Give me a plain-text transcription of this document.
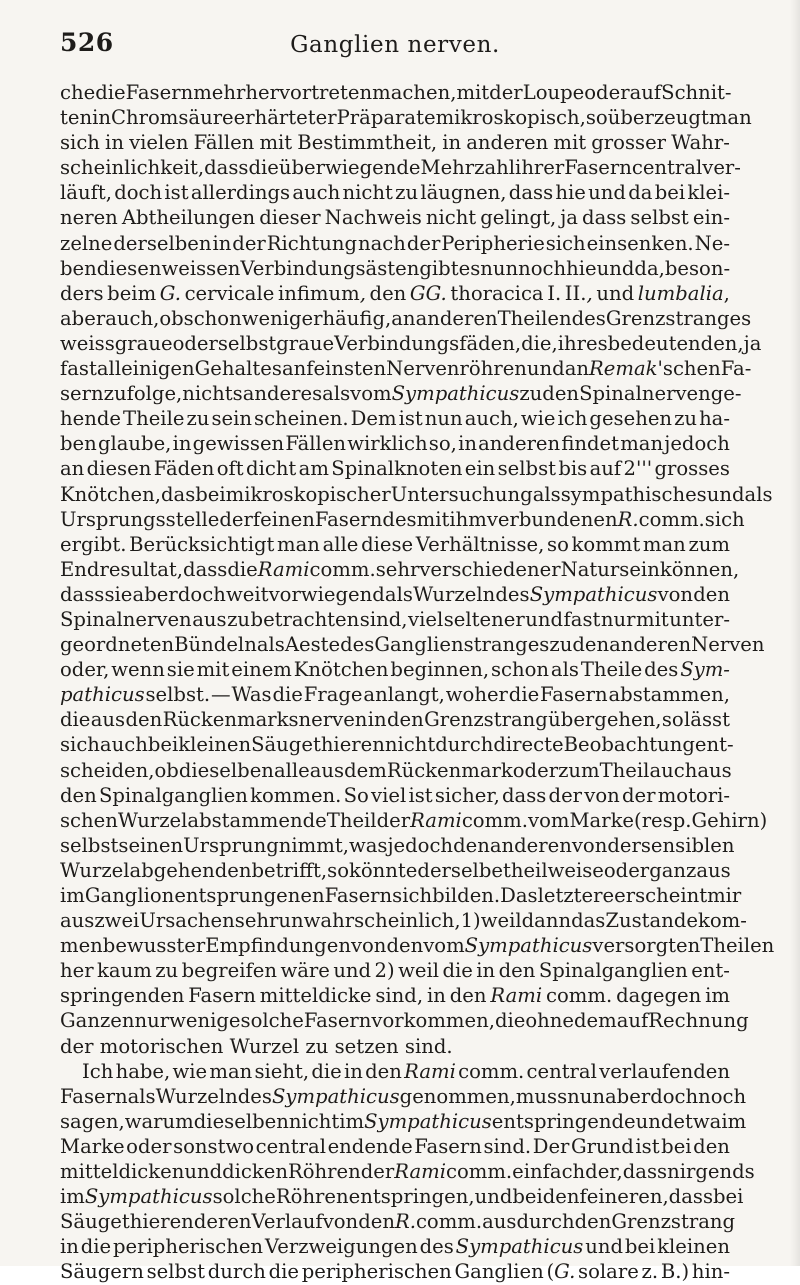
526	Ganglien nerven.
che die Fasern mehr hervortreten machen, mit der Loupe oder auf Schnit-
ten in Chromsäure erhärteter Präparate mikroskopisch, so überzeugt man
sich in vielen Fällen mit Bestimmtheit, in anderen mit grosser Wahr-
scheinlichkeit, dass die überwiegende Mehrzahl ihrer Fasern central ver-
läuft, doch ist allerdings auch nicht zu läugnen, dass hie und da bei klei-
neren Abtheilungen dieser Nachweis nicht gelingt, ja dass selbst ein-
zelne derselben in der Richtung nach der Peripherie sich einsenken. Ne-
ben diesen weissen Verbindungsästen gibt es nun noch hie und da, beson-
ders beim G. cervicale infimum, den GG. thoracica I. II., und lumbalia,
aber auch, obschon weniger häufig, an anderen Theilen des Grenzstranges
weissgraue oder selbst graue Verbindungsfäden, die, ihres bedeutenden, ja
fast alleinigen Gehaltes an feinsten Nervenröhren und an Remak'schen Fa-
sern zufolge, nichts anderes als vom Sympathicus zu den Spinalnerven ge-
hende Theile zu sein scheinen. Dem ist nun auch, wie ich gesehen zu ha-
ben glaube, in gewissen Fällen wirklich so, in anderen findet man jedoch
an diesen Fäden oft dicht am Spinalknoten ein selbst bis auf 2''' grosses
Knötchen, das bei mikroskopischer Untersuchung als sympathisches und als
Ursprungsstelle der feinen Fasern des mit ihm verbundenen R. comm. sich
ergibt. Berücksichtigt man alle diese Verhältnisse, so kommt man zum
Endresultat, dass die Rami comm. sehr verschiedener Natur sein können,
dass sie aber doch weit vorwiegend als Wurzeln des Sympathicus von den
Spinalnerven aus zu betrachten sind, viel seltener und fast nur mit unter-
geordneten Bündeln als Aeste des Ganglienstranges zu den anderen Nerven
oder, wenn sie mit einem Knötchen beginnen, schon als Theile des Sym-
pathicus selbst. — Was die Frage anlangt, woher die Fasern abstammen,
die aus den Rückenmarksnerven in den Grenzstrang übergehen, so lässt
sich auch bei kleinen Säugethieren nicht durch directe Beobachtung ent-
scheiden, ob dieselben alle aus dem Rückenmark oder zum Theil auch aus
den Spinalganglien kommen. So viel ist sicher, dass der von der motori-
schen Wurzel abstammende Theil der Rami comm. vom Marke (resp. Gehirn)
selbst seinen Ursprung nimmt, was jedoch den anderen von der sensiblen
Wurzel abgehenden betrifft, so könnte derselbe theilweise oder ganz aus
im Ganglion entsprungenen Fasern sich bilden. Das letztere erscheint mir
aus zwei Ursachen sehr unwahrscheinlich, 1) weil dann das Zustandekom-
men bewusster Empfindungen von den vom Sympathicus versorgten Theilen
her kaum zu begreifen wäre und 2) weil die in den Spinalganglien ent-
springenden Fasern mitteldicke sind, in den Rami comm. dagegen im
Ganzen nur wenige solche Fasern vorkommen, die ohnedem auf Rechnung
der motorischen Wurzel zu setzen sind.
Ich habe, wie man sieht, die in den Rami comm. central verlaufenden
Fasern als Wurzeln des Sympathicus genommen, muss nun aber doch noch
sagen, warum dieselben nicht im Sympathicus entspringende und etwa im
Marke oder sonstwo central endende Fasern sind. Der Grund ist bei den
mitteldicken und dicken Röhren der Rami comm. einfach der, dass nirgends
im Sympathicus solche Röhren entspringen, und bei den feineren, dass bei
Säugethieren deren Verlauf von den R. comm. aus durch den Grenzstrang
in die peripherischen Verzweigungen des Sympathicus und bei kleinen
Säugern selbst durch die peripherischen Ganglien (G. solare z. B.) hin-
